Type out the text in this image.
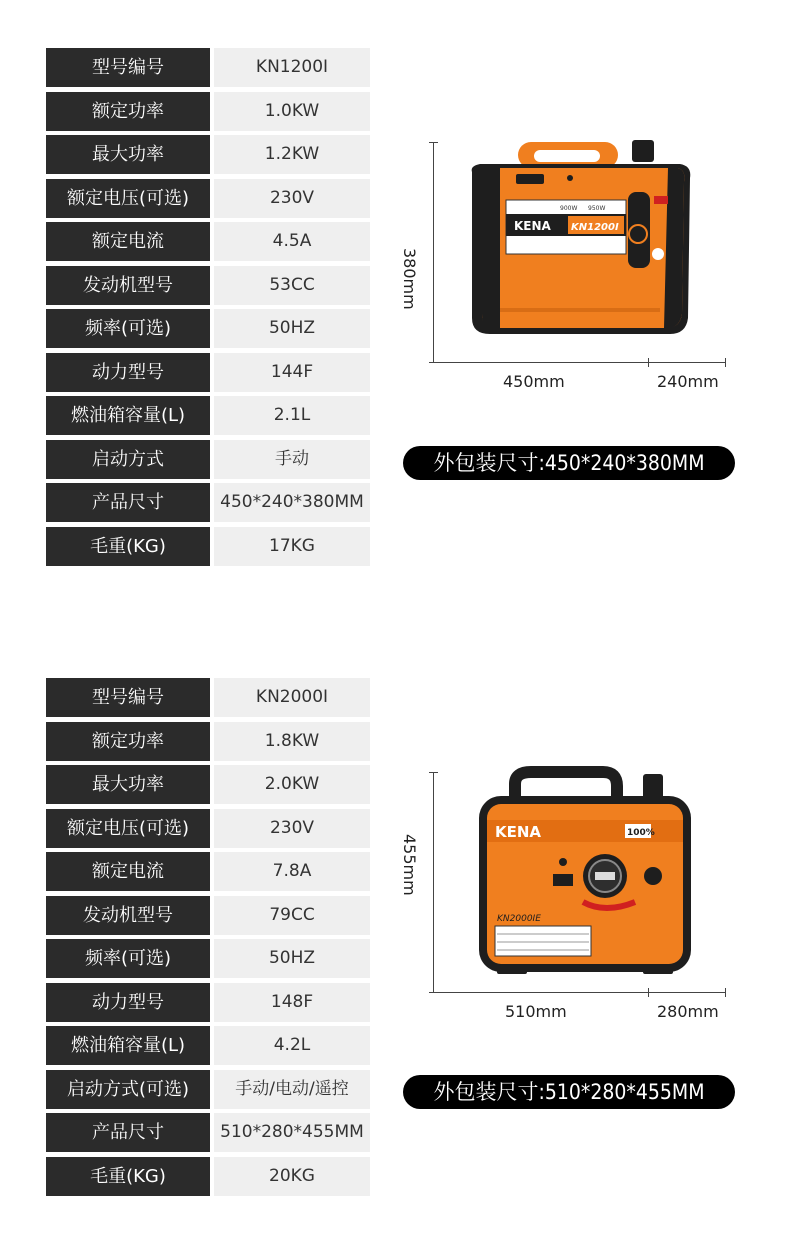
型号编号	KN1200I
额定功率	1.0KW
最大功率	1.2KW
额定电压(可选)	230V
额定电流	4.5A
发动机型号	53CC
频率(可选)	50HZ
动力型号	144F
燃油箱容量(L)	2.1L
启动方式	手动
产品尺寸	450*240*380MM
毛重(KG)	17KG
380mm
450mm	240mm
KENA KN1200I
900W 950W
外包装尺寸:450*240*380MM
型号编号	KN2000I
额定功率	1.8KW
最大功率	2.0KW
额定电压(可选)	230V
额定电流	7.8A
发动机型号	79CC
频率(可选)	50HZ
动力型号	148F
燃油箱容量(L)	4.2L
启动方式(可选)	手动/电动/遥控
产品尺寸	510*280*455MM
毛重(KG)	20KG
455mm
510mm	280mm
KENA	100%
KN2000IE
外包装尺寸:510*280*455MM
